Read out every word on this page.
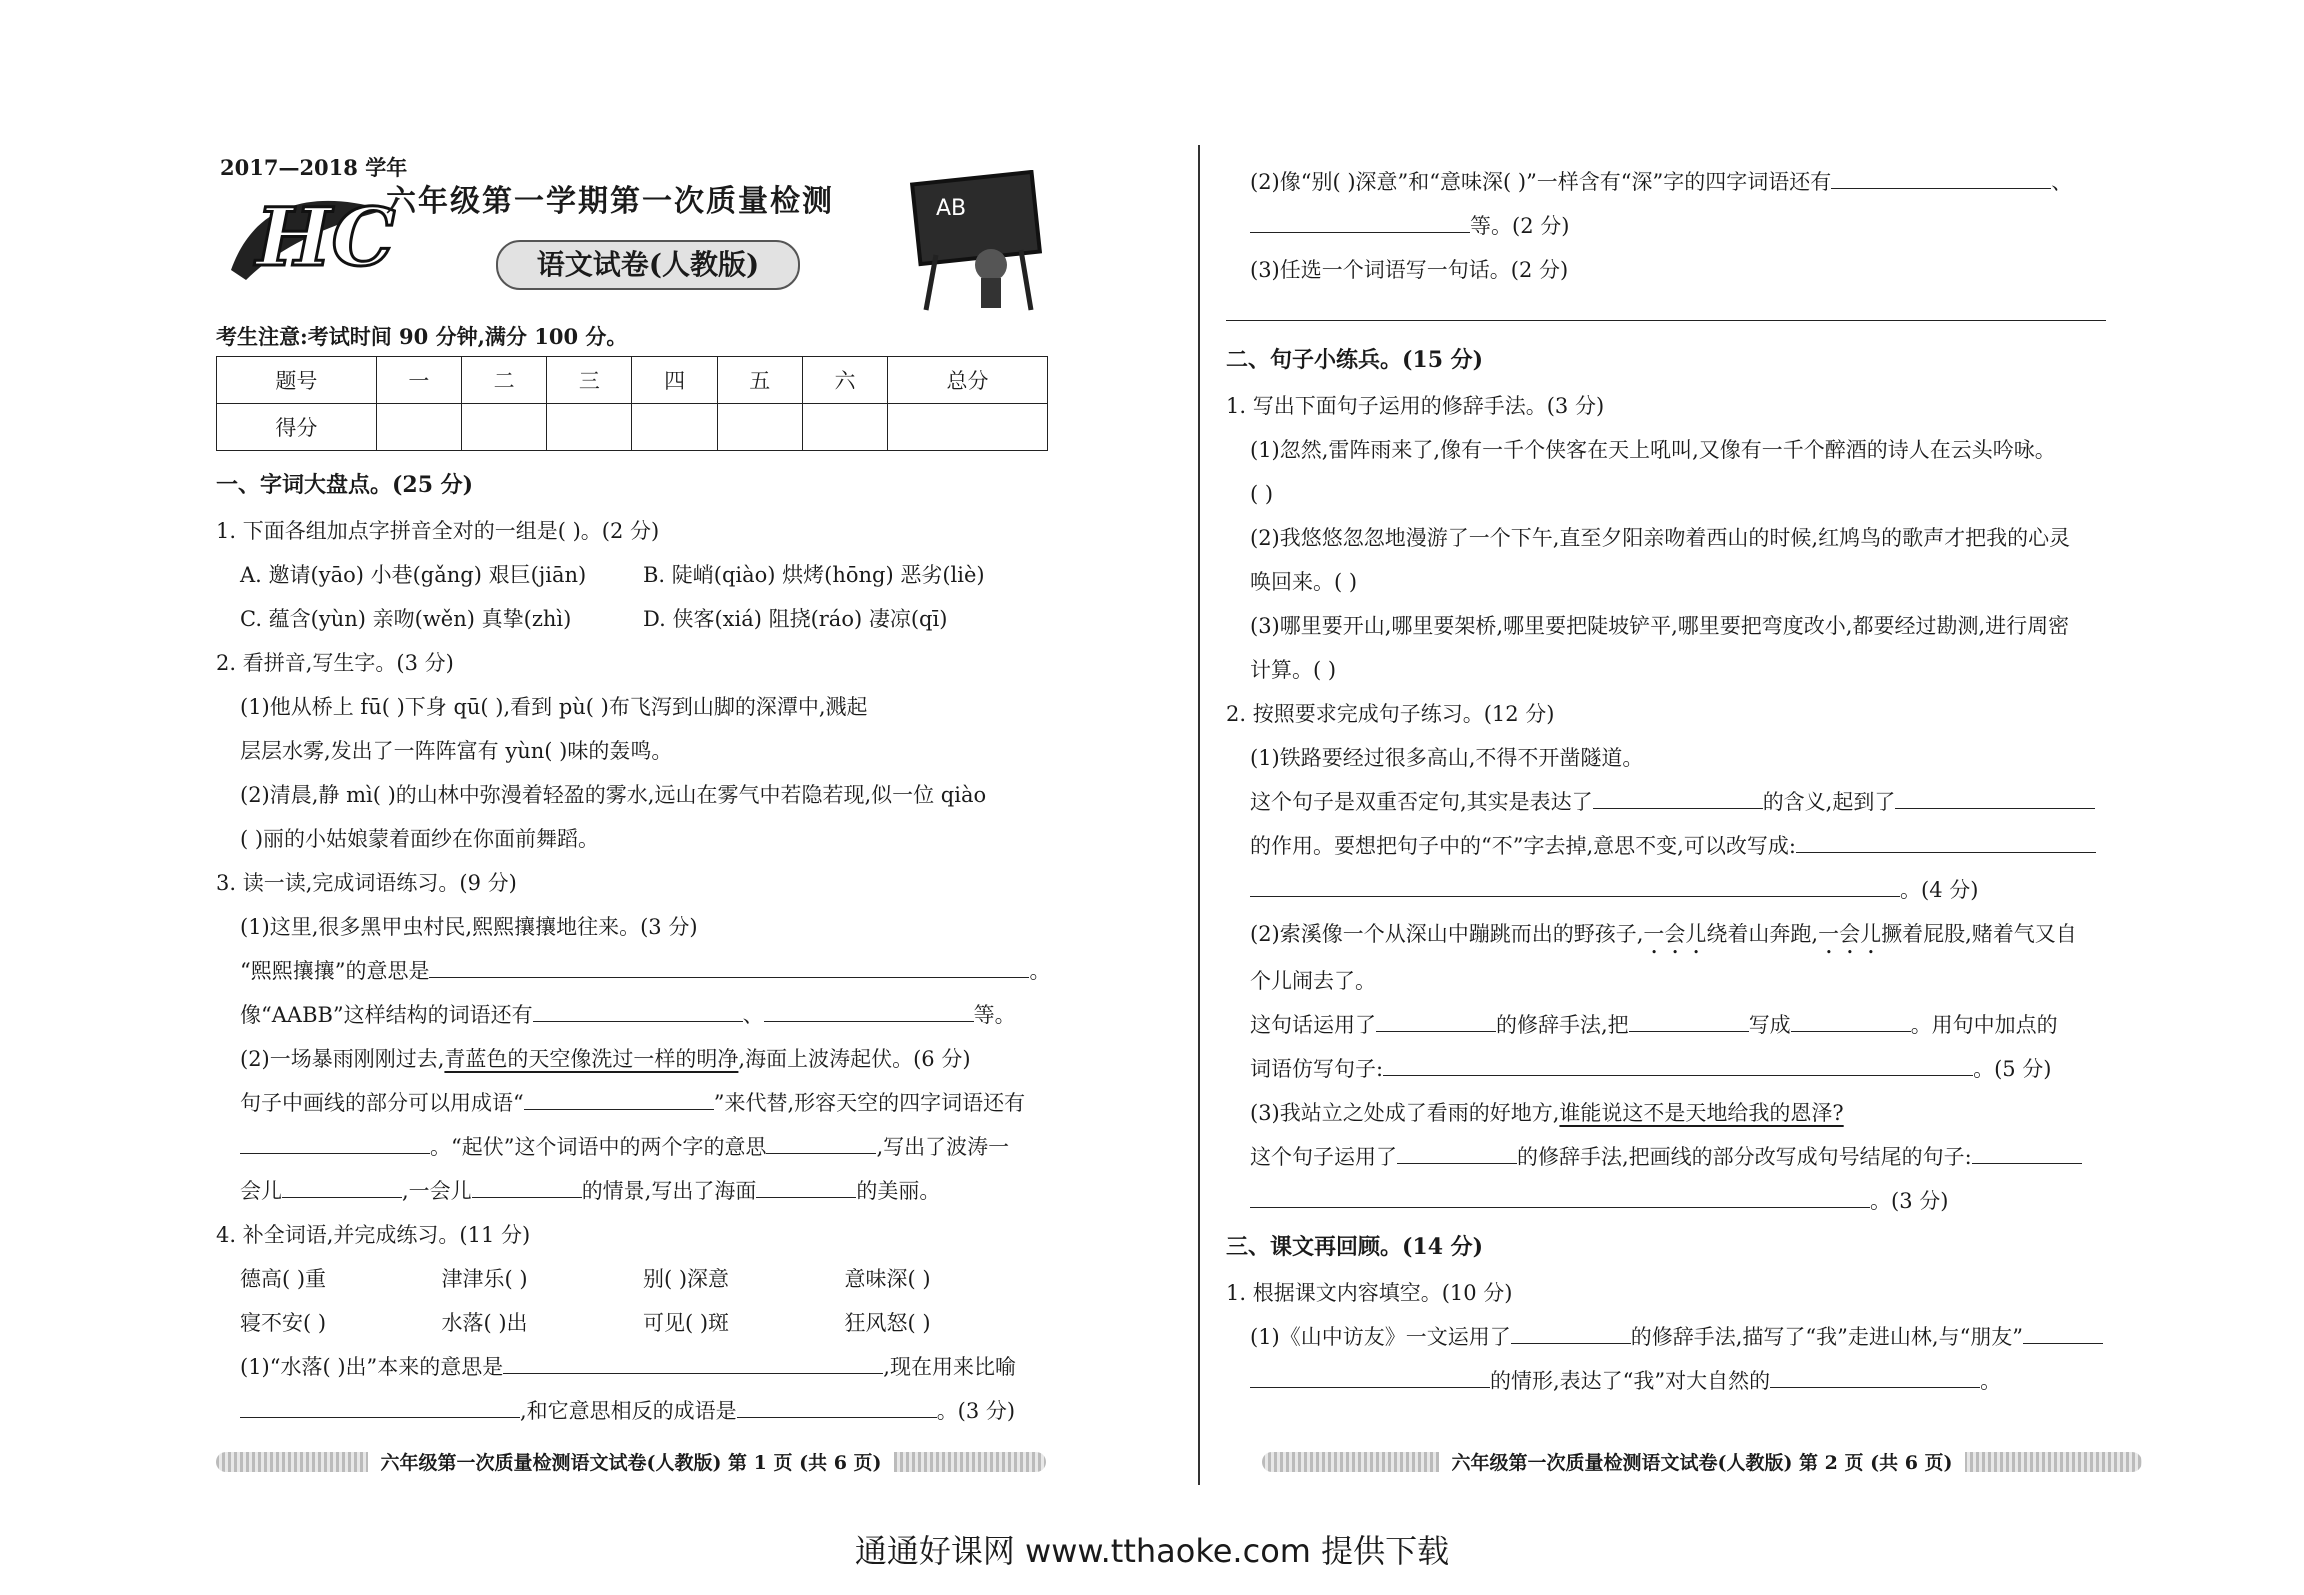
2017—2018 学年
HC
六年级第一学期第一次质量检测
语文试卷(人教版)
AB
考生注意:考试时间 90 分钟,满分 100 分。
题号	一	二	三	四	五	六	总分
得分							
一、字词大盘点。(25 分)
1. 下面各组加点字拼音全对的一组是( )。(2 分)
A. 邀请(yāo) 小巷(gǎng) 艰巨(jiān)	B. 陡峭(qiào) 烘烤(hōng) 恶劣(liè)
C. 蕴含(yùn) 亲吻(wěn) 真挚(zhì)	D. 侠客(xiá) 阻挠(ráo) 凄凉(qī)
2. 看拼音,写生字。(3 分)
(1)他从桥上 fū( )下身 qū( ),看到 pù( )布飞泻到山脚的深潭中,溅起
层层水雾,发出了一阵阵富有 yùn( )味的轰鸣。
(2)清晨,静 mì( )的山林中弥漫着轻盈的雾水,远山在雾气中若隐若现,似一位 qiào
( )丽的小姑娘蒙着面纱在你面前舞蹈。
3. 读一读,完成词语练习。(9 分)
(1)这里,很多黑甲虫村民,熙熙攘攘地往来。(3 分)
“熙熙攘攘”的意思是	。
像“AABB”这样结构的词语还有	、	等。
(2)一场暴雨刚刚过去,青蓝色的天空像洗过一样的明净,海面上波涛起伏。(6 分)
句子中画线的部分可以用成语“	”来代替,形容天空的四字词语还有
。“起伏”这个词语中的两个字的意思	,写出了波涛一
会儿	,一会儿	的情景,写出了海面	的美丽。
4. 补全词语,并完成练习。(11 分)
德高( )重	津津乐( )	别( )深意	意味深( )
寝不安( )	水落( )出	可见( )斑	狂风怒( )
(1)“水落( )出”本来的意思是	,现在用来比喻
,和它意思相反的成语是	。(3 分)
六年级第一次质量检测语文试卷(人教版) 第 1 页 (共 6 页)
(2)像“别( )深意”和“意味深( )”一样含有“深”字的四字词语还有	、
等。(2 分)
(3)任选一个词语写一句话。(2 分)
二、句子小练兵。(15 分)
1. 写出下面句子运用的修辞手法。(3 分)
(1)忽然,雷阵雨来了,像有一千个侠客在天上吼叫,又像有一千个醉酒的诗人在云头吟咏。
( )
(2)我悠悠忽忽地漫游了一个下午,直至夕阳亲吻着西山的时候,红鸠鸟的歌声才把我的心灵
唤回来。( )
(3)哪里要开山,哪里要架桥,哪里要把陡坡铲平,哪里要把弯度改小,都要经过勘测,进行周密
计算。( )
2. 按照要求完成句子练习。(12 分)
(1)铁路要经过很多高山,不得不开凿隧道。
这个句子是双重否定句,其实是表达了	的含义,起到了
的作用。要想把句子中的“不”字去掉,意思不变,可以改写成:
。(4 分)
(2)索溪像一个从深山中蹦跳而出的野孩子,一会儿绕着山奔跑,一会儿撅着屁股,赌着气又自
个儿闹去了。
这句话运用了	的修辞手法,把	写成	。用句中加点的
词语仿写句子:	。(5 分)
(3)我站立之处成了看雨的好地方,谁能说这不是天地给我的恩泽?
这个句子运用了	的修辞手法,把画线的部分改写成句号结尾的句子:
。(3 分)
三、课文再回顾。(14 分)
1. 根据课文内容填空。(10 分)
(1)《山中访友》一文运用了	的修辞手法,描写了“我”走进山林,与“朋友”
的情形,表达了“我”对大自然的	。
六年级第一次质量检测语文试卷(人教版) 第 2 页 (共 6 页)
通通好课网 www.tthaoke.com 提供下载
